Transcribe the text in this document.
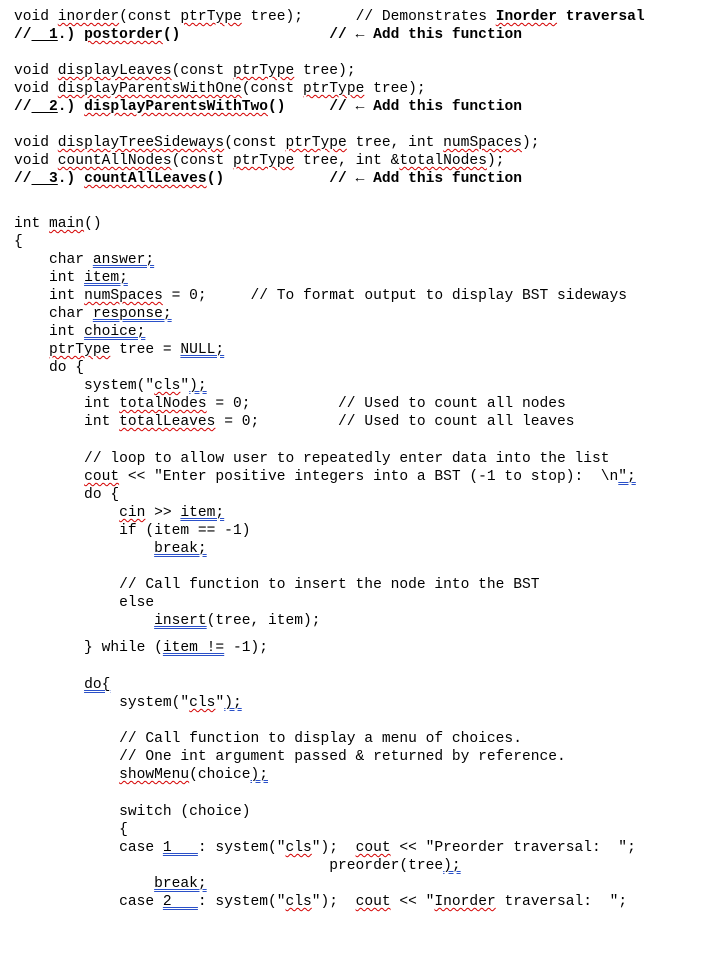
void inorder(const ptrType tree);      // Demonstrates Inorder traversal
//  1.) postorder()                 // ← Add this function
void displayLeaves(const ptrType tree);
void displayParentsWithOne(const ptrType tree);
//  2.) displayParentsWithTwo()     // ← Add this function
void displayTreeSideways(const ptrType tree, int numSpaces);
void countAllNodes(const ptrType tree, int &totalNodes);
//  3.) countAllLeaves()            // ← Add this function
int main()
{
char answer;
int item;
int numSpaces = 0;     // To format output to display BST sideways
char response;
int choice;
ptrType tree = NULL;
do {
system("cls");
int totalNodes = 0;          // Used to count all nodes
int totalLeaves = 0;         // Used to count all leaves
// loop to allow user to repeatedly enter data into the list
cout << "Enter positive integers into a BST (-1 to stop):  \n";
do {
cin >> item;
if (item == -1)
break;
// Call function to insert the node into the BST
else
insert(tree, item);
} while (item != -1);
do{
system("cls");
// Call function to display a menu of choices.
// One int argument passed & returned by reference.
showMenu(choice);
switch (choice)
{
case 1   : system("cls");  cout << "Preorder traversal:  ";
preorder(tree);
break;
case 2   : system("cls");  cout << "Inorder traversal:  ";
